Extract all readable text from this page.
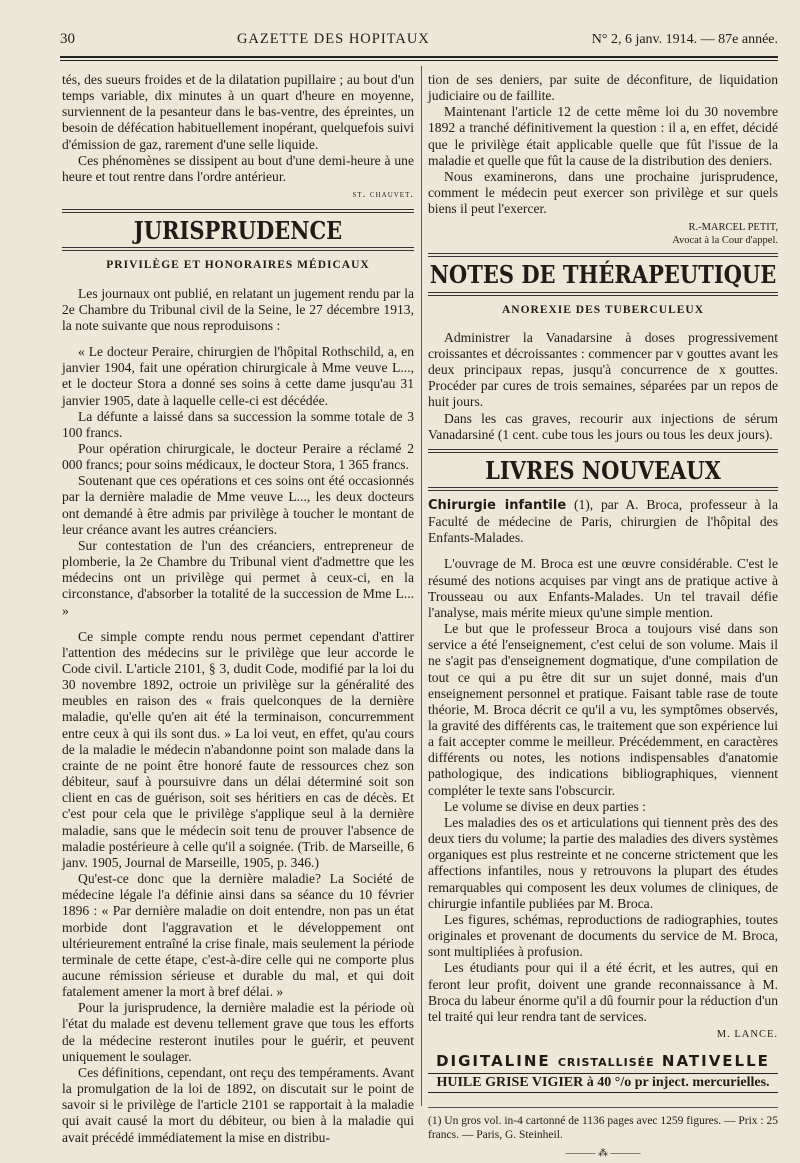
30	GAZETTE DES HOPITAUX	N° 2, 6 janv. 1914. — 87e année.

tés, des sueurs froides et de la dilatation pupillaire ; au bout d'un temps variable, dix minutes à un quart d'heure en moyenne, surviennent de la pesanteur dans le bas-ventre, des épreintes, un besoin de défécation habituellement inopérant, quelquefois suivi d'émission de gaz, rarement d'une selle liquide.

Ces phénomènes se dissipent au bout d'une demi-heure à une heure et tout rentre dans l'ordre antérieur.

st. chauvet.
JURISPRUDENCE
PRIVILÈGE ET HONORAIRES MÉDICAUX

Les journaux ont publié, en relatant un jugement rendu par la 2e Chambre du Tribunal civil de la Seine, le 27 décembre 1913, la note suivante que nous reproduisons :

« Le docteur Peraire, chirurgien de l'hôpital Rothschild, a, en janvier 1904, fait une opération chirurgicale à Mme veuve L..., et le docteur Stora a donné ses soins à cette dame jusqu'au 31 janvier 1905, date à laquelle celle-ci est décédée.

La défunte a laissé dans sa succession la somme totale de 3 100 francs.

Pour opération chirurgicale, le docteur Peraire a réclamé 2 000 francs; pour soins médicaux, le docteur Stora, 1 365 francs.

Soutenant que ces opérations et ces soins ont été occasionnés par la dernière maladie de Mme veuve L..., les deux docteurs ont demandé à être admis par privilège à toucher le montant de leur créance avant les autres créanciers.

Sur contestation de l'un des créanciers, entrepreneur de plomberie, la 2e Chambre du Tribunal vient d'admettre que les médecins ont un privilège qui permet à ceux-ci, en la circonstance, d'absorber la totalité de la succession de Mme L... »

Ce simple compte rendu nous permet cependant d'attirer l'attention des médecins sur le privilège que leur accorde le Code civil. L'article 2101, § 3, dudit Code, modifié par la loi du 30 novembre 1892, octroie un privilège sur la généralité des meubles en raison des « frais quelconques de la dernière maladie, qu'elle qu'en ait été la terminaison, concurremment entre ceux à qui ils sont dus. » La loi veut, en effet, qu'au cours de la maladie le médecin n'abandonne point son malade dans la crainte de ne point être honoré faute de ressources chez son débiteur, sauf à poursuivre dans un délai déterminé soit son client en cas de guérison, soit ses héritiers en cas de décès. Et c'est pour cela que le privilège s'applique seul à la dernière maladie, sans que le médecin soit tenu de prouver l'absence de maladie postérieure à celle qu'il a soignée. (Trib. de Marseille, 6 janv. 1905, Journal de Marseille, 1905, p. 346.)

Qu'est-ce donc que la dernière maladie? La Société de médecine légale l'a définie ainsi dans sa séance du 10 février 1896 : « Par dernière maladie on doit entendre, non pas un état morbide dont l'aggravation et le développement ont ultérieurement entraîné la crise finale, mais seulement la période terminale de cette étape, c'est-à-dire celle qui ne comporte plus aucune rémission sérieuse et durable du mal, et qui doit fatalement amener la mort à bref délai. »

Pour la jurisprudence, la dernière maladie est la période où l'état du malade est devenu tellement grave que tous les efforts de la médecine resteront inutiles pour le guérir, et peuvent uniquement le soulager.

Ces définitions, cependant, ont reçu des tempéraments. Avant la promulgation de la loi de 1892, on discutait sur le point de savoir si le privilège de l'article 2101 se rapportait à la maladie qui avait causé la mort du débiteur, ou bien à la maladie qui avait précédé immédiatement la mise en distribu-

tion de ses deniers, par suite de déconfiture, de liquidation judiciaire ou de faillite.

Maintenant l'article 12 de cette même loi du 30 novembre 1892 a tranché définitivement la question : il a, en effet, décidé que le privilège était applicable quelle que fût l'issue de la maladie et quelle que fût la cause de la distribution des deniers.

Nous examinerons, dans une prochaine jurisprudence, comment le médecin peut exercer son privilège et sur quels biens il peut l'exercer.

R.-MARCEL PETIT,
Avocat à la Cour d'appel.
NOTES DE THÉRAPEUTIQUE
ANOREXIE DES TUBERCULEUX

Administrer la Vanadarsine à doses progressivement croissantes et décroissantes : commencer par v gouttes avant les deux principaux repas, jusqu'à concurrence de x gouttes. Procéder par cures de trois semaines, séparées par un repos de huit jours.

Dans les cas graves, recourir aux injections de sérum Vanadarsiné (1 cent. cube tous les jours ou tous les deux jours).

LIVRES NOUVEAUX

Chirurgie infantile (1), par A. Broca, professeur à la Faculté de médecine de Paris, chirurgien de l'hôpital des Enfants-Malades.

L'ouvrage de M. Broca est une œuvre considérable. C'est le résumé des notions acquises par vingt ans de pratique active à Trousseau ou aux Enfants-Malades. Un tel travail défie l'analyse, mais mérite mieux qu'une simple mention.

Le but que le professeur Broca a toujours visé dans son service a été l'enseignement, c'est celui de son volume. Mais il ne s'agit pas d'enseignement dogmatique, d'une compilation de tout ce qui a pu être dit sur un sujet donné, mais d'un enseignement personnel et pratique. Faisant table rase de toute théorie, M. Broca décrit ce qu'il a vu, les symptômes observés, la gravité des différents cas, le traitement que son expérience lui a fait accepter comme le meilleur. Précédemment, en caractères différents ou notes, les notions indispensables d'anatomie pathologique, des indications bibliographiques, viennent compléter le texte sans l'obscurcir.

Le volume se divise en deux parties :

Les maladies des os et articulations qui tiennent près des des deux tiers du volume; la partie des maladies des divers systèmes organiques est plus restreinte et ne concerne strictement que les affections infantiles, nous y retrouvons la plupart des études remarquables qui composent les deux volumes de cliniques, de chirurgie infantile publiées par M. Broca.

Les figures, schémas, reproductions de radiographies, toutes originales et provenant de documents du service de M. Broca, sont multipliées à profusion.

Les étudiants pour qui il a été écrit, et les autres, qui en feront leur profit, doivent une grande reconnaissance à M. Broca du labeur énorme qu'il a dû fournir pour la réduction d'un tel traité qui leur rendra tant de services.

M. LANCE.
DIGITALINE CRISTALLISÉE NATIVELLE
HUILE GRISE VIGIER à 40 °/o pr inject. mercurielles.
(1) Un gros vol. in-4 cartonné de 1136 pages avec 1259 figures. — Prix : 25 francs. — Paris, G. Steinheil.
——— ⁂ ———
